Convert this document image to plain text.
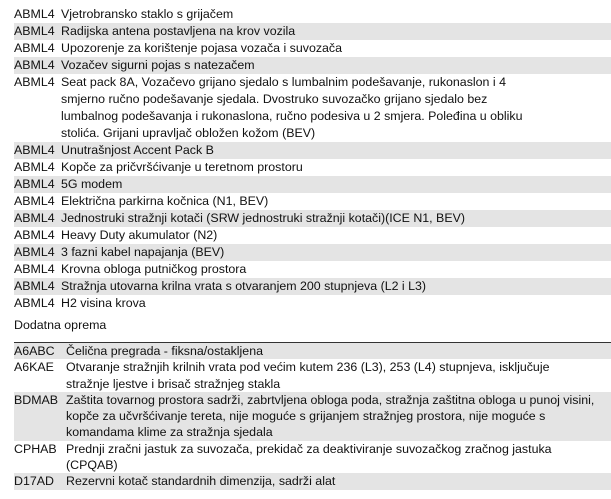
ABML4 Vjetrobransko staklo s grijačem
ABML4 Radijska antena postavljena na krov vozila
ABML4 Upozorenje za korištenje pojasa vozača i suvozača
ABML4 Vozačev sigurni pojas s natezačem
ABML4 Seat pack 8A, Vozačevo grijano sjedalo s lumbalnim podešavanje, rukonaslon i 4 smjerno ručno podešavanje sjedala. Dvostruko suvozačko grijano sjedalo bez lumbalnog podešavanja i rukonaslona, ručno podesiva u 2 smjera. Poleđina u obliku stolića. Grijani upravljač obložen kožom (BEV)
ABML4 Unutrašnjost Accent Pack B
ABML4 Kopče za pričvršćivanje u teretnom prostoru
ABML4 5G modem
ABML4 Električna parkirna kočnica (N1, BEV)
ABML4 Jednostruki stražnji kotači (SRW jednostruki stražnji kotači)(ICE N1, BEV)
ABML4 Heavy Duty akumulator (N2)
ABML4 3 fazni kabel napajanja (BEV)
ABML4 Krovna obloga putničkog prostora
ABML4 Stražnja utovarna krilna vrata s otvaranjem 200 stupnjeva (L2 i L3)
ABML4 H2 visina krova
Dodatna oprema
A6ABC Čelična pregrada - fiksna/ostakljena
A6KAE Otvaranje stražnjih krilnih vrata pod većim kutem 236 (L3), 253 (L4) stupnjeva, isključuje stražnje ljestve i brisač stražnjeg stakla
BDMAB Zaštita tovarnog prostora sadrži, zabrtvljena obloga poda, stražnja zaštitna obloga u punoj visini, kopče za učvršćivanje tereta, nije moguće s grijanjem stražnjeg prostora, nije moguće s komandama klime za stražnja sjedala
CPHAB Prednji zračni jastuk za suvozača, prekidač za deaktiviranje suvozačkog zračnog jastuka (CPQAB)
D17AD Rezervni kotač standardnih dimenzija, sadrži alat
